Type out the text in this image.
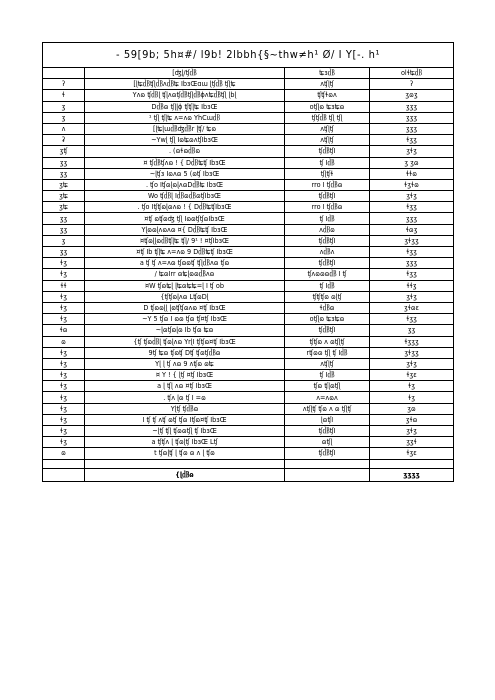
- 59[9b; 5h¤#/ l9b! 2lbbh{§~thw≠h¹ Ø/ I Y[-. h¹			
	[ʤɭ/ʧ㏈	ʨɜ㏈	olɬʨ㏈
ʔ	[ɭʨ㏈ʧɭ㏈ʌ㏈ʨ IbɜŒɑɯ ɭʧ㏈ ʧɭʨ	ʌʧɭʧ	ʔ
ɬ	Yʌɷ ʧ㏈ɭ ʧɭʌɷʧ㏈ʧɭ㏈ɸʌʨ㏈ʧɭ ɭbɭ	ʧʧɬɷʌ	ʒɷʒ
ʒ	D㏈ɷ ʧɭɭɸ ʧʧɭʨ IbɜŒ	oʧɭɷ ʨɜʨɷ	ʒʒʒ
ʒ	¹ ʧɭ ʧɭʨ ʌ=ʌɷ YhCɯ㏈	ʧʧ㏈ ʧɭ ʧɭ	ʒʒʒ
ʌ	[ɭʨɭɯ㏈ʤ㏈r ɭʧ/ ʨɷ	ʌʧɭʧ	ʒʒʒ
ʡ	~Ywɭ ʧɭ IɷʨɷʌʧIbɜŒ	ʌʧɭʧ	ɬʒʒ
ʒʧ	. (ɷɬɷ㏈ɷ	ʧ㏈ʧI	ʒɬʒ
ʒʒ	¤ ʧ㏈ʧʌɷ ! { D㏈ʨʧ IbɜŒ	ʧ I㏈	ʒ ʒɷ
ʒʒ	~ɭʧɜ Iɷʌɷ 5 (ɷʧ IbɜŒ	ʧɭʧɬ	ɬɬɷ
ʒʨ	. ʧo IʧɷɭɷɭʌɷD㏈ʨ IbɜŒ	rro I ʧ㏈ɷ	ɬʒɬɷ
ʒʨ	Wo ʧ㏈ɭ I㏈ɷ㏈ɷʧIbɜŒ	ʧ㏈ʧI	ʒɬʒ
ʒʨ	. ʧo Iʧʧɷɭɷʌɷ ! { D㏈ʨʧIbɜŒ	rro I ʧ㏈ɷ	ɬʒʒ
ʒʒ	¤ʧ ɷʧɷʤ ʧɭ IɷɷʧʧɷIbɜŒ	ʧ I㏈	ʒʒʒ
ʒʒ	Yɭɷɷɭʌɷʌɷ ¤{ D㏈ʨʧ IbɜŒ	ʌ㏈ɷ	ɬɷʒ
ʒ	¤ʧɷɭɭɷ㏈ʧɭʨ ʧɭ/ 9¹ ! ¤ʧIbɜŒ	ʧ㏈ʧI	ʒɬʒʒ
ʒʒ	¤ʧ Ib ʧɭʨ ʌ=ʌɷ 9 D㏈ʨʧ IbɜŒ	ʌ㏈ʌ	ɬʒʒ
ɬʒ	a ʧ ʧ ʌ=ʌɷ ʧɷɷʧ ʧɭ㏈ʌɷ ʧɷ	ʧ㏈ʧI	ʒʒʒ
ɬʒ	/ ʨɷIrr ɷʨɭɷɷ㏈ʌɷ	ʧʌɷɷɷ㏈ I ʧ	ɬʒʒ
ɬɬ	¤W ʧɷʨɭ ɭʨɷʨʨ=ɭ I ʧ ob	ʧ I㏈	ɬɬʒ
ɬʒ	{ʧʧɷɭʌɷ LʧɷDɭ	ʧʧʧɷ ɷɭʧ	ʒɬʒ
ɬʒ	D ʧɷɷɭɭ ɭɷʧʧɷʌɷ ¤ʧ IbɜŒ	ɬ㏈ɷ	ʒɬɷɛ
ɬʒ	~Y 5 ʧɷ I ɷɷ ʧɷ ʧ¤ʧ IbɜŒ	oʧɭɷ ʨɜʨɷ	ɬʒʒ
ɬɷ	~ɭɷʧɷɭɷ Ib ʧɷ ʨɷ	ʧ㏈ʧI	ʒʒ
ɷ	{ʧ ʧɷ㏈ɭ ʧɷɭʌɷ YrɭI ʧʧɷ¤ʧ IbɜŒ	ʧʧɷ ʌ ɷʧɭʧ	ɬʒʒʒ
ɬʒ	9ʧ ʨɷ ʧɷʧ Dʧ ʧɷʧ㏈ɷ	rʧɷɷ ʧɭ ʧ I㏈	ʒɬʒʒ
ɬʒ	Yɭ ɭ ʧ ʌɷ 9 ʌʧɷ ɷʨ	ʌʧɭʧ	ʒɬʒ
ɬʒ	¤ Y ! { ɭʧ ¤ʧ IbɜŒ	ʧ I㏈	ɬʒɛ
ɬʒ	a ɭ ʧɭ ʌɷ ¤ʧ IbɜŒ	ʧɷ ʧɭɷʧɭ	ɬʒ
ɬʒ	. ʧʌ ɭɷ ʧ I =ɷ	ʌ=ʌɷʌ	ɬʒ
ɬʒ	Yɭʧ ʧ㏈ɷ	ʌʧɭʧ ʧɷ ʌ ɷ ʧɭʧ	ʒɷ
ɬʒ	I ʧ ʧ ʌʧ ɷʧ ʧɷ Iʧɷ¤ʧ IbɜŒ	ɭɷʧI	ʒɬɷ
ɬʒ	~ɭʧ ʧɭ ʧɷɷʧɭ ʧ IbɜŒ	ʧ㏈ʧI	ʒɬʒ
ɬʒ	a ʧʧʌ ɭ ʧɷɭʧ IbɜŒ Lʧ	ɷʧɭ	ʒʒɬ
ɷ	t ʧɷɭʧ ɭ ʧɷ ɷ ʌ ɭ ʧɷ	ʧ㏈ʧI	ɬʒɛ

	{ɭ㏈ɷ		ʒʒʒʒ
